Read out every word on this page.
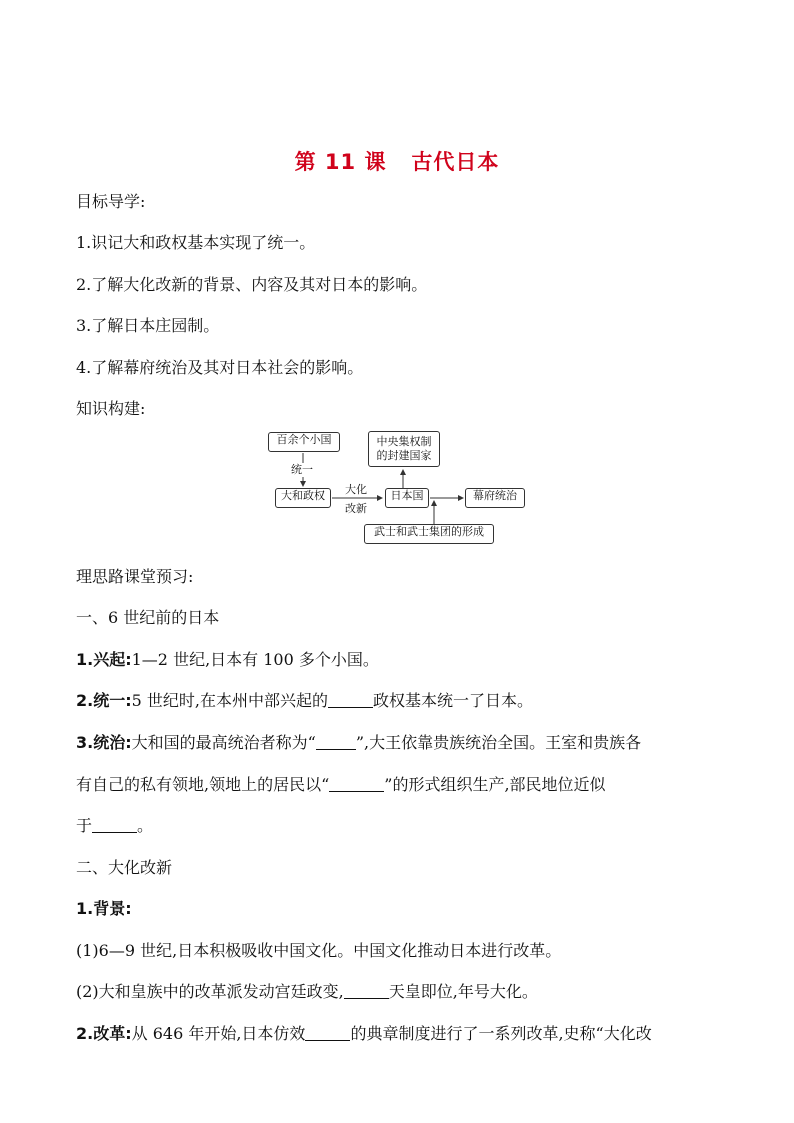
第 11 课   古代日本
目标导学:
1.识记大和政权基本实现了统一。
2.了解大化改新的背景、内容及其对日本的影响。
3.了解日本庄园制。
4.了解幕府统治及其对日本社会的影响。
知识构建:
百余个小国
统一
大和政权	大化
改新
日本国
中央集权制
的封建国家
幕府统治
武士和武士集团的形成
理思路课堂预习:
一、6 世纪前的日本
1.兴起:1—2 世纪,日本有 100 多个小国。
2.统一:5 世纪时,在本州中部兴起的	政权基本统一了日本。
3.统治:大和国的最高统治者称为“	”,大王依靠贵族统治全国。王室和贵族各
有自己的私有领地,领地上的居民以“	”的形式组织生产,部民地位近似
于	。
二、大化改新
1.背景:
(1)6—9 世纪,日本积极吸收中国文化。中国文化推动日本进行改革。
(2)大和皇族中的改革派发动宫廷政变,	天皇即位,年号大化。
2.改革:从 646 年开始,日本仿效	的典章制度进行了一系列改革,史称“大化改
